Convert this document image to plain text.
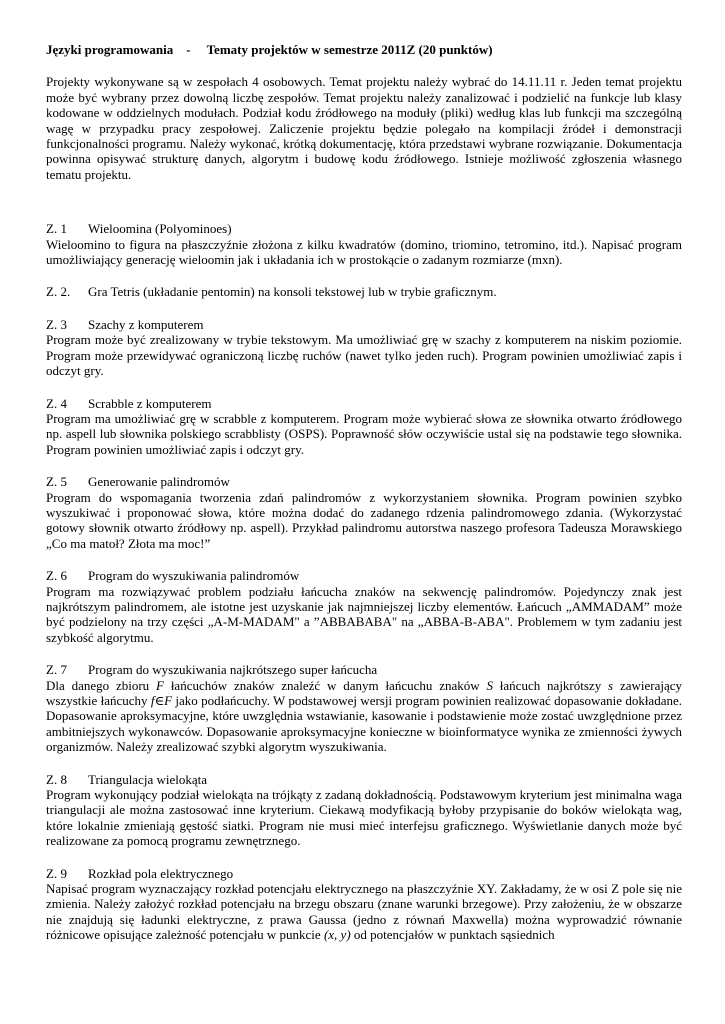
Języki programowania    -     Tematy projektów w semestrze 2011Z (20 punktów)

Projekty wykonywane są w zespołach 4 osobowych. Temat projektu należy wybrać do 14.11.11 r. Jeden temat projektu może być wybrany przez dowolną liczbę zespołów. Temat projektu należy zanalizować i podzielić na funkcje lub klasy kodowane w oddzielnych modułach. Podział kodu źródłowego na moduły (pliki) według klas lub funkcji ma szczególną wagę w przypadku pracy zespołowej. Zaliczenie projektu będzie polegało na kompilacji źródeł i demonstracji funkcjonalności programu. Należy wykonać, krótką dokumentację, która przedstawi wybrane rozwiązanie. Dokumentacja powinna opisywać strukturę danych, algorytm i budowę kodu źródłowego. Istnieje możliwość zgłoszenia własnego tematu projektu.

Z. 1	Wieloomina (Polyominoes)

Wieloomino to figura na płaszczyźnie złożona z kilku kwadratów (domino, triomino, tetromino, itd.). Napisać program umożliwiający generację wieloomin jak i układania ich w prostokącie o zadanym rozmiarze (mxn).

Z. 2.	Gra Tetris (układanie pentomin) na konsoli tekstowej lub w trybie graficznym.
Z. 3	Szachy z komputerem

Program może być zrealizowany w trybie tekstowym. Ma umożliwiać grę w szachy z komputerem na niskim poziomie. Program może przewidywać ograniczoną liczbę ruchów (nawet tylko jeden ruch). Program powinien umożliwiać zapis i odczyt gry.

Z. 4	Scrabble z komputerem

Program ma umożliwiać grę w scrabble z komputerem. Program może wybierać słowa ze słownika otwarto źródłowego np. aspell lub słownika polskiego scrabblisty (OSPS). Poprawność słów oczywiście ustal się na podstawie tego słownika. Program powinien umożliwiać zapis i odczyt gry.

Z. 5	Generowanie palindromów

Program do wspomagania tworzenia zdań palindromów z wykorzystaniem słownika. Program powinien szybko wyszukiwać i proponować słowa, które można dodać do zadanego rdzenia palindromowego zdania. (Wykorzystać gotowy słownik otwarto źródłowy np. aspell). Przykład palindromu autorstwa naszego profesora Tadeusza Morawskiego „Co ma matoł? Złota ma moc!”

Z. 6	Program do wyszukiwania palindromów

Program ma rozwiązywać problem podziału łańcucha znaków na sekwencję palindromów. Pojedynczy znak jest najkrótszym palindromem, ale istotne jest uzyskanie jak najmniejszej liczby elementów. Łańcuch „AMMADAM” może być podzielony na trzy części „A-M-MADAM" a ”ABBABABA" na „ABBA-B-ABA". Problemem w tym zadaniu jest szybkość algorytmu.

Z. 7	Program do wyszukiwania najkrótszego super łańcucha

Dla danego zbioru F łańcuchów znaków znaleźć w danym łańcuchu znaków S łańcuch najkrótszy s zawierający wszystkie łańcuchy f∈F jako podłańcuchy. W podstawowej wersji program powinien realizować dopasowanie dokładane. Dopasowanie aproksymacyjne, które uwzględnia wstawianie, kasowanie i podstawienie może zostać uwzględnione przez ambitniejszych wykonawców. Dopasowanie aproksymacyjne konieczne w bioinformatyce wynika ze zmienności żywych organizmów. Należy zrealizować szybki algorytm wyszukiwania.

Z. 8	Triangulacja wielokąta

Program wykonujący podział wielokąta na trójkąty z zadaną dokładnością. Podstawowym kryterium jest minimalna waga triangulacji ale można zastosować inne kryterium. Ciekawą modyfikacją byłoby przypisanie do boków wielokąta wag, które lokalnie zmieniają gęstość siatki. Program nie musi mieć interfejsu graficznego. Wyświetlanie danych może być realizowane za pomocą programu zewnętrznego.

Z. 9	Rozkład pola elektrycznego

Napisać program wyznaczający rozkład potencjału elektrycznego na płaszczyźnie XY. Zakładamy, że w osi Z pole się nie zmienia. Należy założyć rozkład potencjału na brzegu obszaru (znane warunki brzegowe). Przy założeniu, że w obszarze nie znajdują się ładunki elektryczne, z prawa Gaussa (jedno z równań Maxwella) można wyprowadzić równanie różnicowe opisujące zależność potencjału w punkcie (x, y) od potencjałów w punktach sąsiednich
